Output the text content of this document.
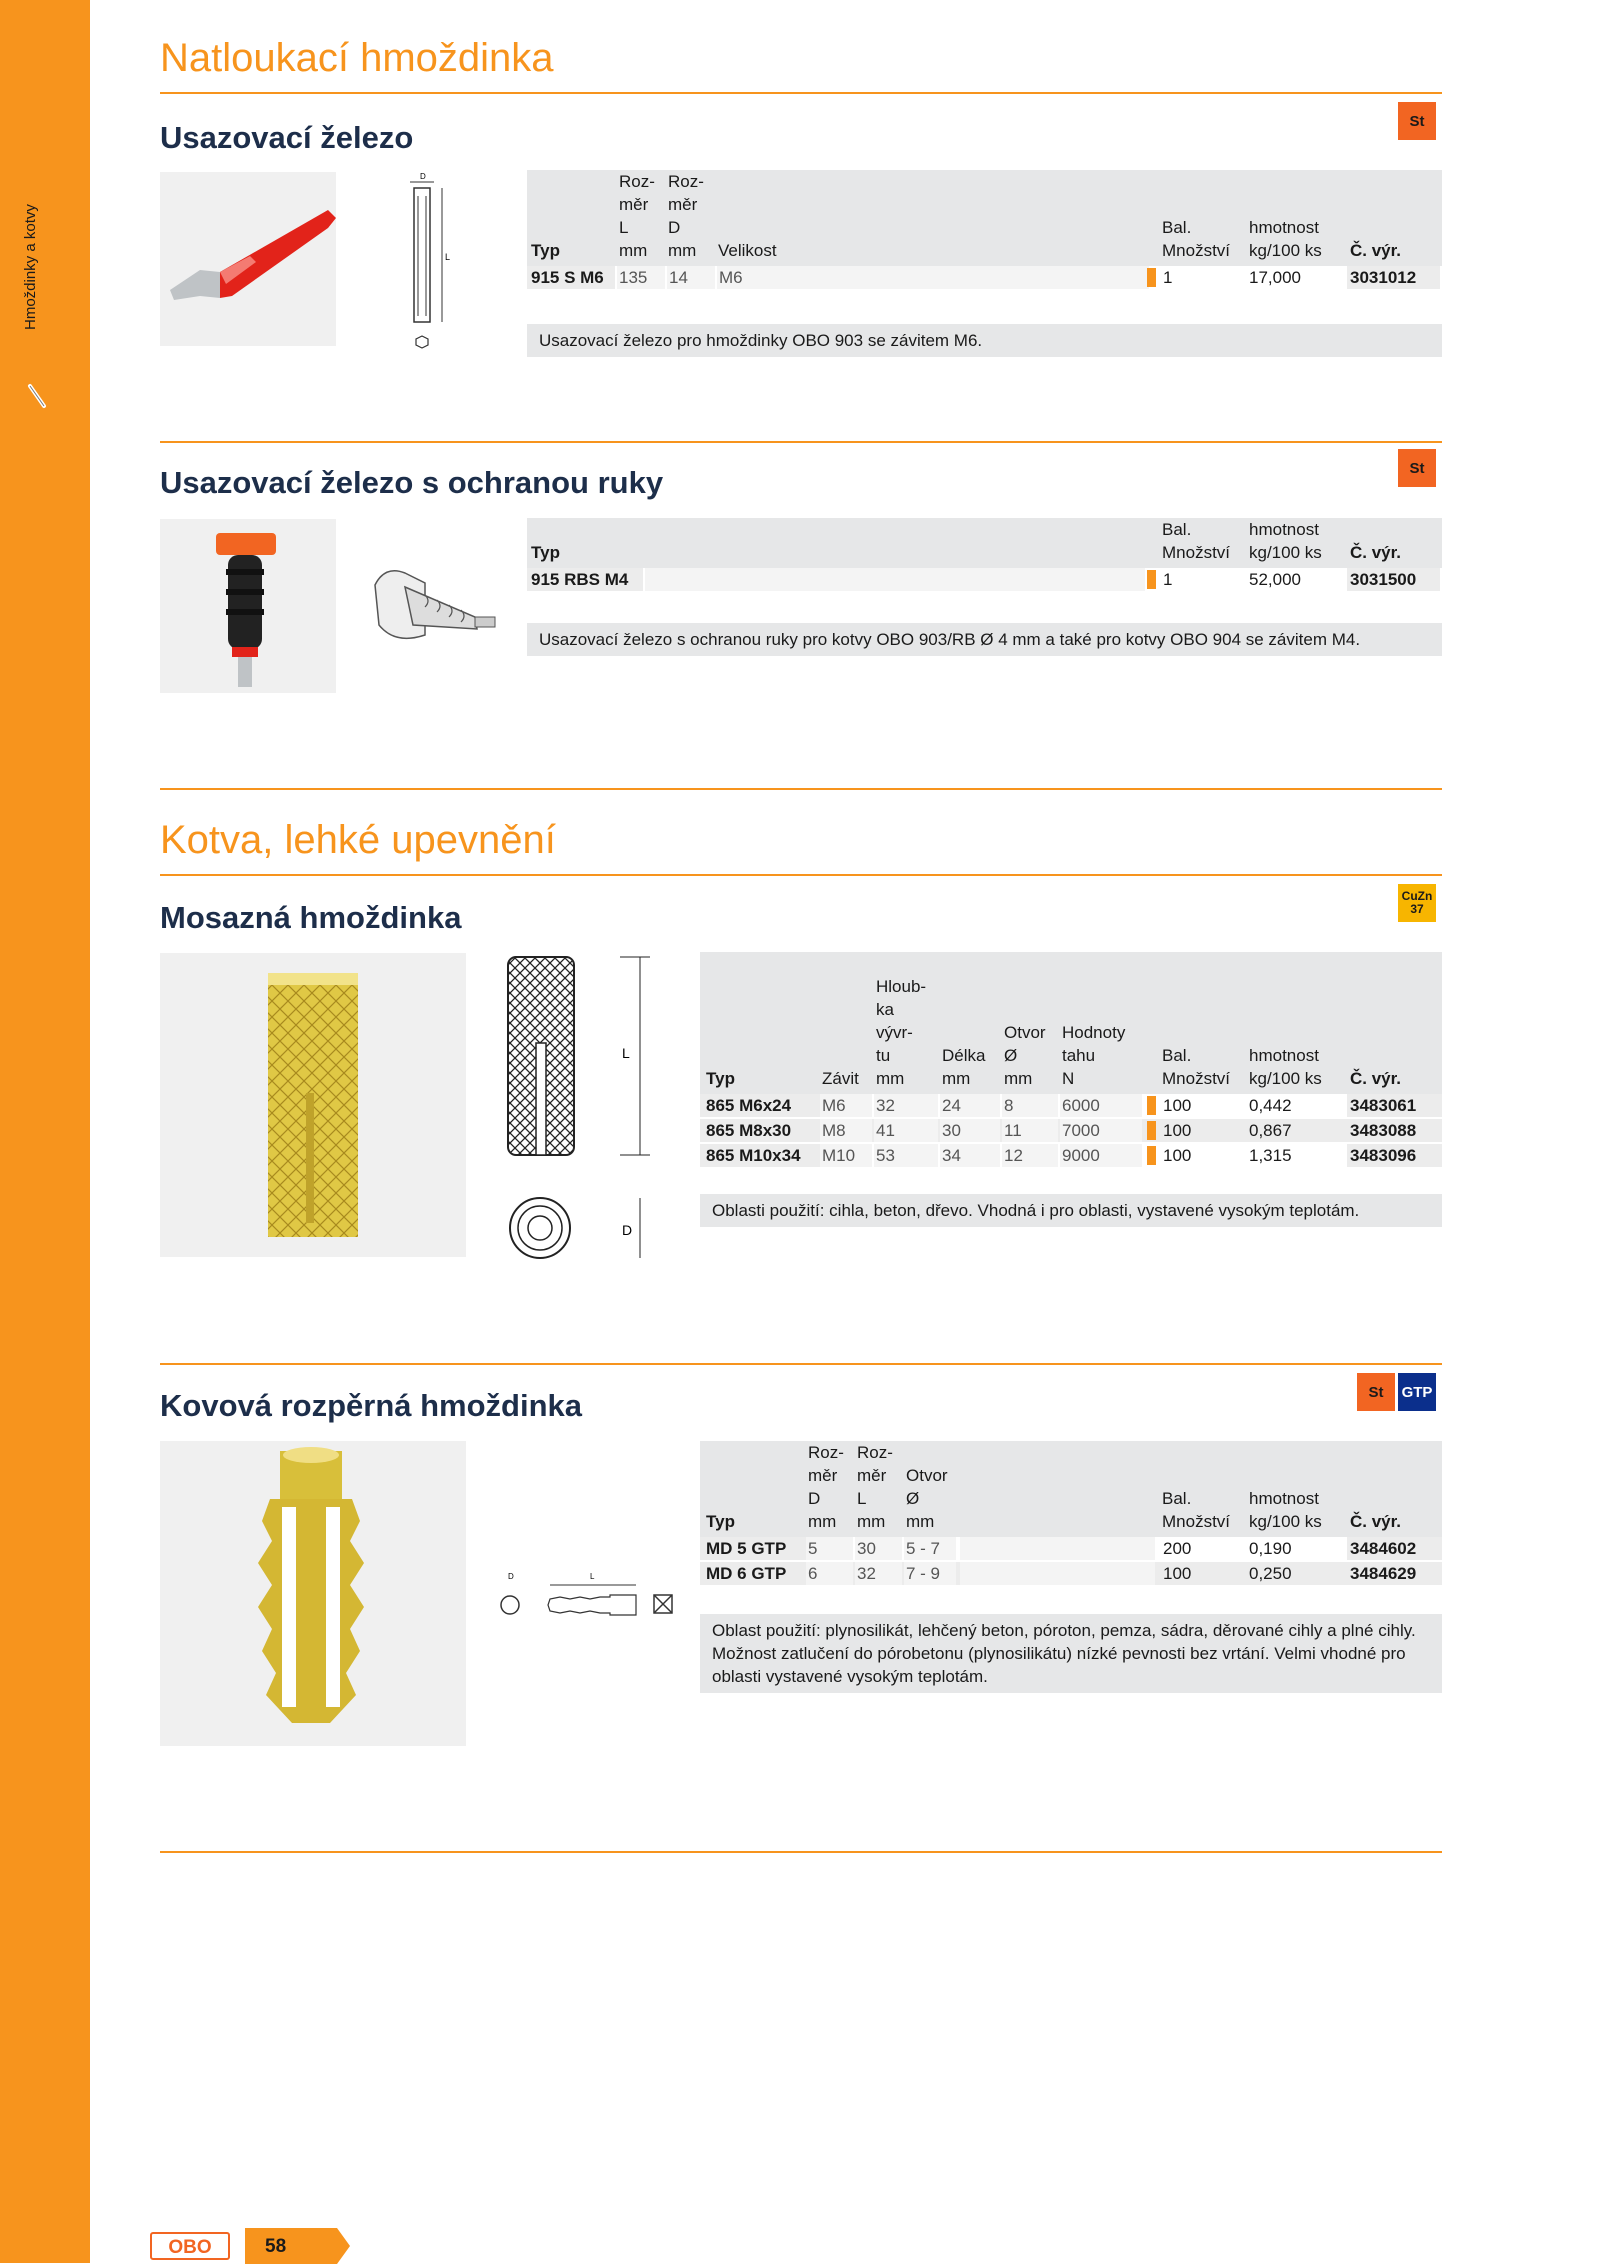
Hmoždinky a kotvy
Natloukací hmoždinka
Usazovací železo	St
D
L	Typ
Roz-
měr
L
mm
Roz-
měr
D
mm	Velikost
Bal.
Množství
hmotnost
kg/100 ks Č. výr.
915 S M6 135	14	M6	1	17,000	3031012
Usazovací železo pro hmoždinky OBO 903 se závitem M6.
Usazovací železo s ochranou ruky	St
Typ
Bal.
Množství
hmotnost
kg/100 ks Č. výr.
915 RBS M4	1	52,000	3031500
Usazovací železo s ochranou ruky pro kotvy OBO 903/RB Ø 4 mm a také pro kotvy OBO 904 se závitem M4.
Kotva, lehké upevnění
Mosazná hmoždinka
CuZn
37
L
D
Typ	Závit
Hloub-
ka
vývr-
tu
mm
Délka
mm
Otvor
Ø
mm
Hodnoty
tahu
N
Bal.
Množství
hmotnost
kg/100 ks Č. výr.
865 M6x24	M6	32	24	8	6000	100	0,442	3483061
865 M8x30	M8	41	30	11	7000	100	0,867	3483088
865 M10x34	M10	53	34	12	9000	100	1,315	3483096
Oblasti použití: cihla, beton, dřevo. Vhodná i pro oblasti, vystavené vysokým teplotám.
Kovová rozpěrná hmoždinka	St	GTP
D	L
Typ
Roz-
měr
D
mm
Roz-
měr
L
mm
Otvor
Ø
mm
Bal.
Množství
hmotnost
kg/100 ks Č. výr.
MD 5 GTP	5	30	5 - 7	200	0,190	3484602
MD 6 GTP	6	32	7 - 9	100	0,250	3484629
Oblast použití: plynosilikát, lehčený beton, póroton, pemza, sádra, děrované cihly a plné cihly. Možnost zatlučení do pórobetonu (plynosilikátu) nízké pevnosti bez vrtání. Velmi vhodné pro oblasti vystavené vysokým teplotám.
OBO	58
